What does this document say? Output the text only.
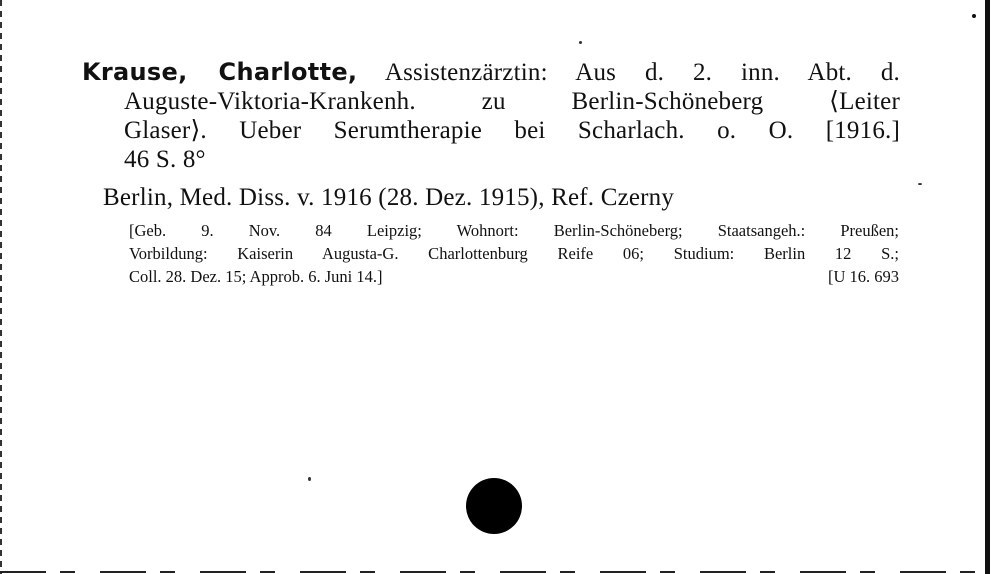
Krause, Charlotte, Assistenzärztin: Aus d. 2. inn. Abt. d.
Auguste-Viktoria-Krankenh. zu Berlin-Schöneberg ⟨Leiter
Glaser⟩. Ueber Serumtherapie bei Scharlach. o. O. [1916.]
46 S. 8°
Berlin, Med. Diss. v. 1916 (28. Dez. 1915), Ref. Czerny
[Geb. 9. Nov. 84 Leipzig; Wohnort: Berlin-Schöneberg; Staatsangeh.: Preußen;
Vorbildung: Kaiserin Augusta-G. Charlottenburg Reife 06; Studium: Berlin 12 S.;
Coll. 28. Dez. 15; Approb. 6. Juni 14.]	[U 16. 693
